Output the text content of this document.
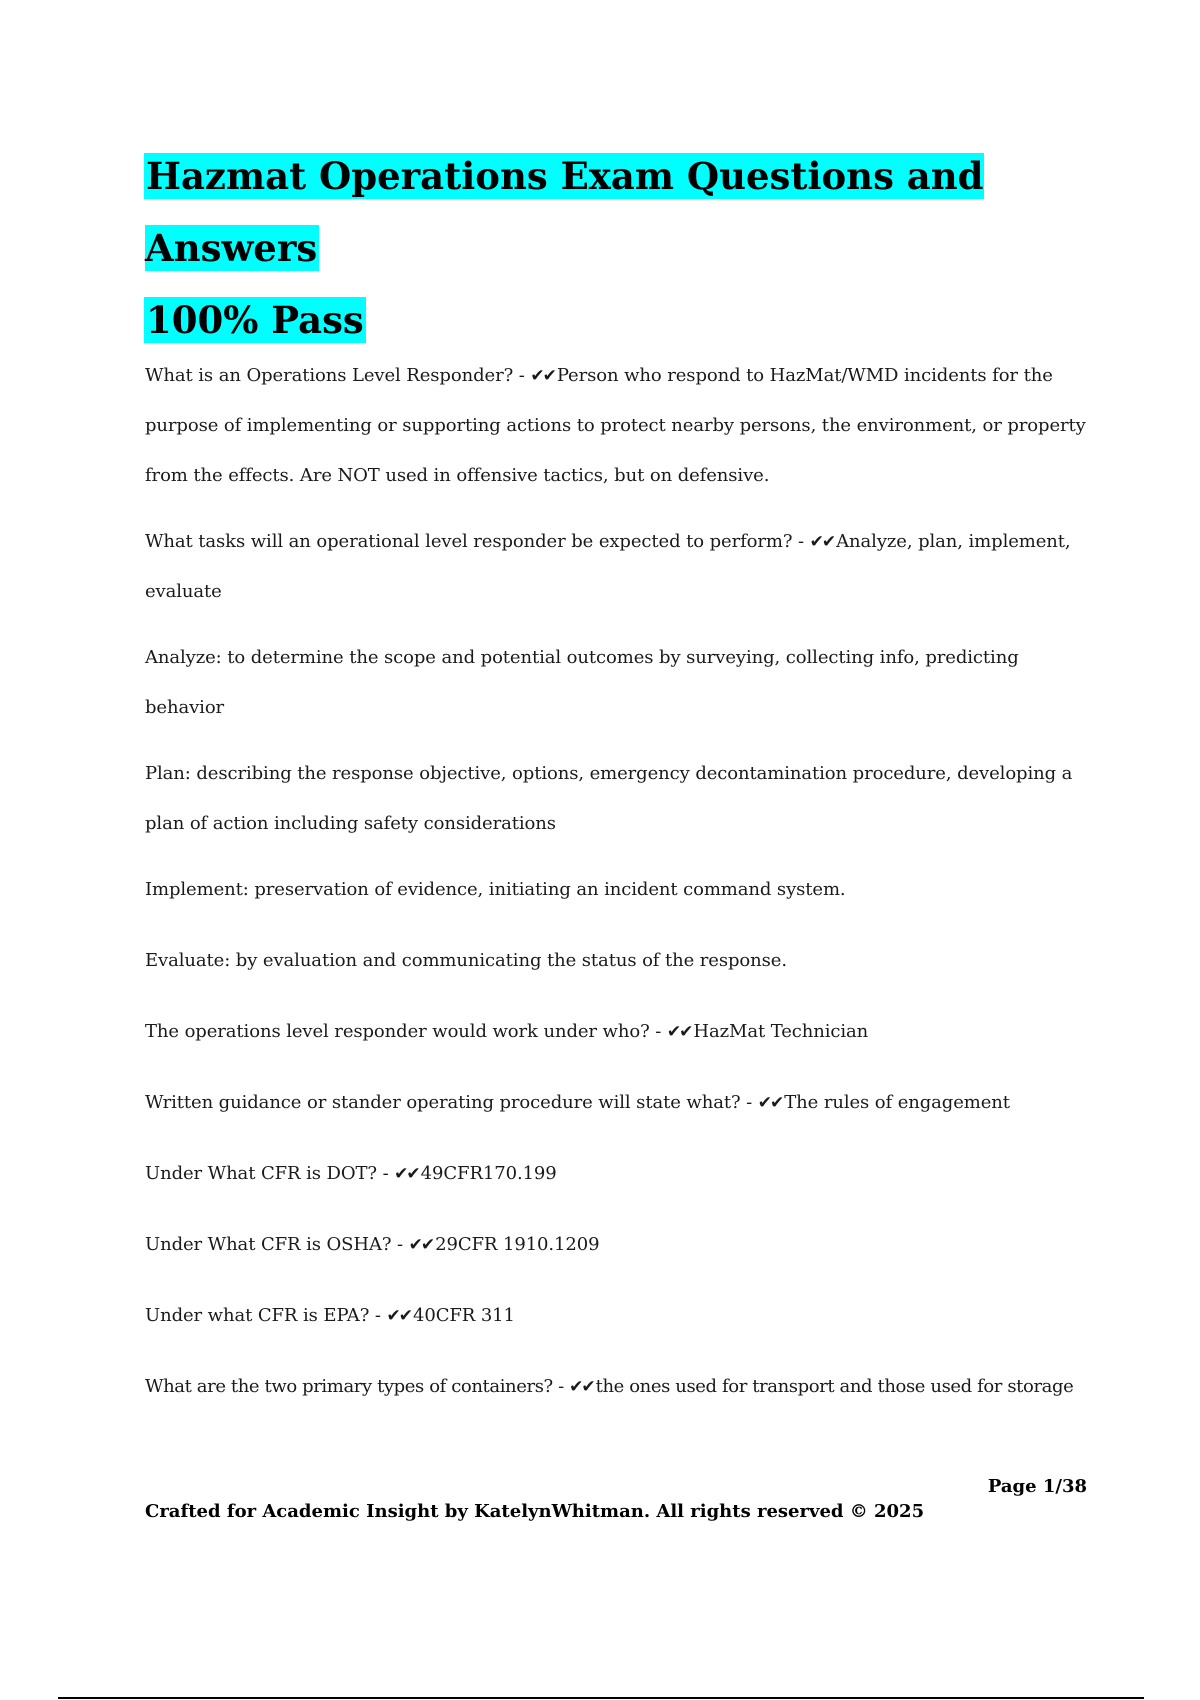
Hazmat Operations Exam Questions and Answers
100% Pass

What is an Operations Level Responder? - ✔✔ Person who respond to HazMat/WMD incidents for the purpose of implementing or supporting actions to protect nearby persons, the environment, or property from the effects. Are NOT used in offensive tactics, but on defensive.

What tasks will an operational level responder be expected to perform? - ✔✔ Analyze, plan, implement, evaluate

Analyze: to determine the scope and potential outcomes by surveying, collecting info, predicting behavior

Plan: describing the response objective, options, emergency decontamination procedure, developing a plan of action including safety considerations

Implement: preservation of evidence, initiating an incident command system.

Evaluate: by evaluation and communicating the status of the response.

The operations level responder would work under who? - ✔✔ HazMat Technician

Written guidance or stander operating procedure will state what? - ✔✔ The rules of engagement

Under What CFR is DOT? - ✔✔ 49CFR170.199

Under What CFR is OSHA? - ✔✔ 29CFR 1910.1209

Under what CFR is EPA? - ✔✔ 40CFR 311

What are the two primary types of containers? - ✔✔ the ones used for transport and those used for storage

Page 1/38
Crafted for Academic Insight by KatelynWhitman. All rights reserved © 2025
